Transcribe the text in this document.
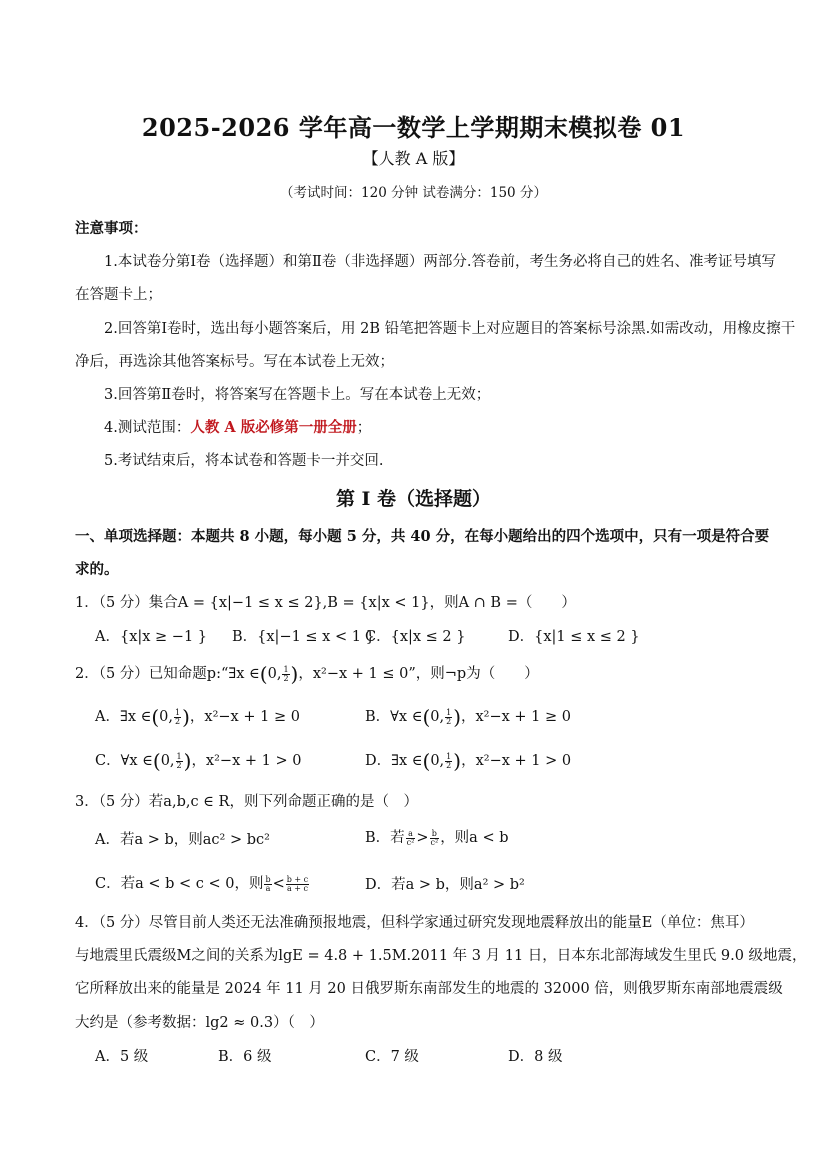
2025-2026 学年高一数学上学期期末模拟卷 01
【人教 A 版】
（考试时间：120 分钟 试卷满分：150 分）
注意事项：
1.本试卷分第Ⅰ卷（选择题）和第Ⅱ卷（非选择题）两部分.答卷前，考生务必将自己的姓名、准考证号填写
在答题卡上；
2.回答第Ⅰ卷时，选出每小题答案后，用 2B 铅笔把答题卡上对应题目的答案标号涂黑.如需改动，用橡皮擦干
净后，再选涂其他答案标号。写在本试卷上无效；
3.回答第Ⅱ卷时，将答案写在答题卡上。写在本试卷上无效；
4.测试范围：人教 A 版必修第一册全册；
5.考试结束后，将本试卷和答题卡一并交回.
第 I 卷（选择题）
一、单项选择题：本题共 8 小题，每小题 5 分，共 40 分，在每小题给出的四个选项中，只有一项是符合要
求的。
1．（5 分）集合A = {x|−1 ≤ x ≤ 2},B = {x|x < 1}，则A ∩ B =（　　）
A．{x|x ≥ −1 } B．{x|−1 ≤ x < 1 }
C．{x|x ≤ 2 }	D．{x|1 ≤ x ≤ 2 }
2．（5 分）已知命题p:“∃x ∈(0, $\frac{1}{2}$ )，x²−x + 1 ≤ 0”，则¬p为（　　）
A．∃x ∈(0, $\frac{1}{2}$ )，x²−x + 1 ≥ 0	B．∀x ∈(0, $\frac{1}{2}$ )，x²−x + 1 ≥ 0
C．∀x ∈(0, $\frac{1}{2}$ )，x²−x + 1 > 0	D．∃x ∈(0, $\frac{1}{2}$ )，x²−x + 1 > 0
3．（5 分）若a,b,c ∈ R，则下列命题正确的是（　）
A．若a > b，则ac² > bc²	B．若 $\frac{a}{\text{c²}} > \frac{b}{\text{c²}}$ ，则a < b
C．若a < b < c < 0，则 $\frac{b}{a} < \frac{b + c}{a + c}$	D．若a > b，则a² > b²
4．（5 分）尽管目前人类还无法准确预报地震，但科学家通过研究发现地震释放出的能量E（单位：焦耳）
与地震里氏震级M之间的关系为lgE = 4.8 + 1.5M.2011 年 3 月 11 日，日本东北部海域发生里氏 9.0 级地震，
它所释放出来的能量是 2024 年 11 月 20 日俄罗斯东南部发生的地震的 32000 倍，则俄罗斯东南部地震震级
大约是（参考数据：lg2 ≈ 0.3）（　）
A．5 级	B．6 级	C．7 级	D．8 级
